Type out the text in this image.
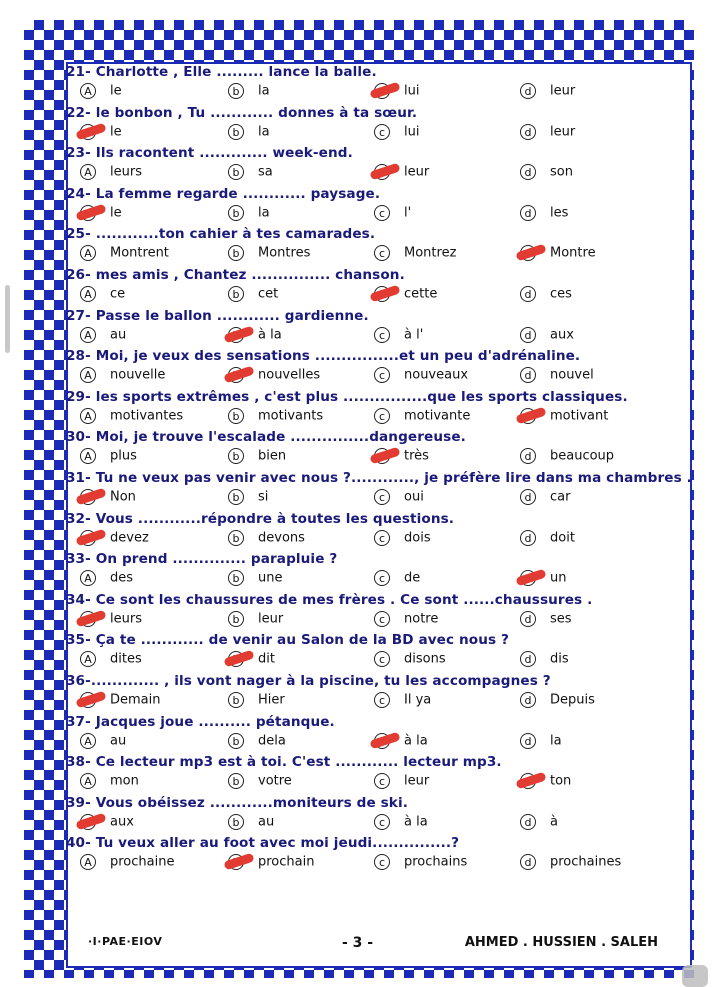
21- Charlotte , Elle ......... lance la balle.
A le	b la	lui	d leur
22- le bonbon , Tu ............ donnes à ta sœur.
le	b la	c lui	d leur
23- Ils racontent ............. week-end.
A leurs	b sa	leur	d son
24- La femme regarde ............ paysage.
le	b la	c l'	d les
25- ............ton cahier à tes camarades.
A Montrent	b Montres	c Montrez	Montre
26- mes amis , Chantez ............... chanson.
A ce	b cet	cette	d ces
27- Passe le ballon ............ gardienne.
A au	à la	c à l'	d aux
28- Moi, je veux des sensations ................et un peu d'adrénaline.
A nouvelle	nouvelles	c nouveaux	d nouvel
29- les sports extrêmes , c'est plus ................que les sports classiques.
A motivantes	b motivants	c motivante	motivant
30- Moi, je trouve l'escalade ...............dangereuse.
A plus	b bien	très	d beaucoup
31- Tu ne veux pas venir avec nous ?............, je préfère lire dans ma chambres .
Non	b si	c oui	d car
32- Vous ............répondre à toutes les questions.
devez	b devons	c dois	d doit
33- On prend .............. parapluie ?
A des	b une	c de	un
34- Ce sont les chaussures de mes frères . Ce sont ......chaussures .
leurs	b leur	c notre	d ses
35- Ça te ............ de venir au Salon de la BD avec nous ?
A dites	dit	c disons	d dis
36-............. , ils vont nager à la piscine, tu les accompagnes ?
Demain	b Hier	c Il ya	d Depuis
37- Jacques joue .......... pétanque.
A au	b dela	à la	d la
38- Ce lecteur mp3 est à toi. C'est ............ lecteur mp3.
A mon	b votre	c leur	ton
39- Vous obéissez ............moniteurs de ski.
aux	b au	c à la	d à
40- Tu veux aller au foot avec moi jeudi...............?
A prochaine	prochain	c prochains	d prochaines
·I·PAE·EIOV	- 3 -	AHMED . HUSSIEN . SALEH
